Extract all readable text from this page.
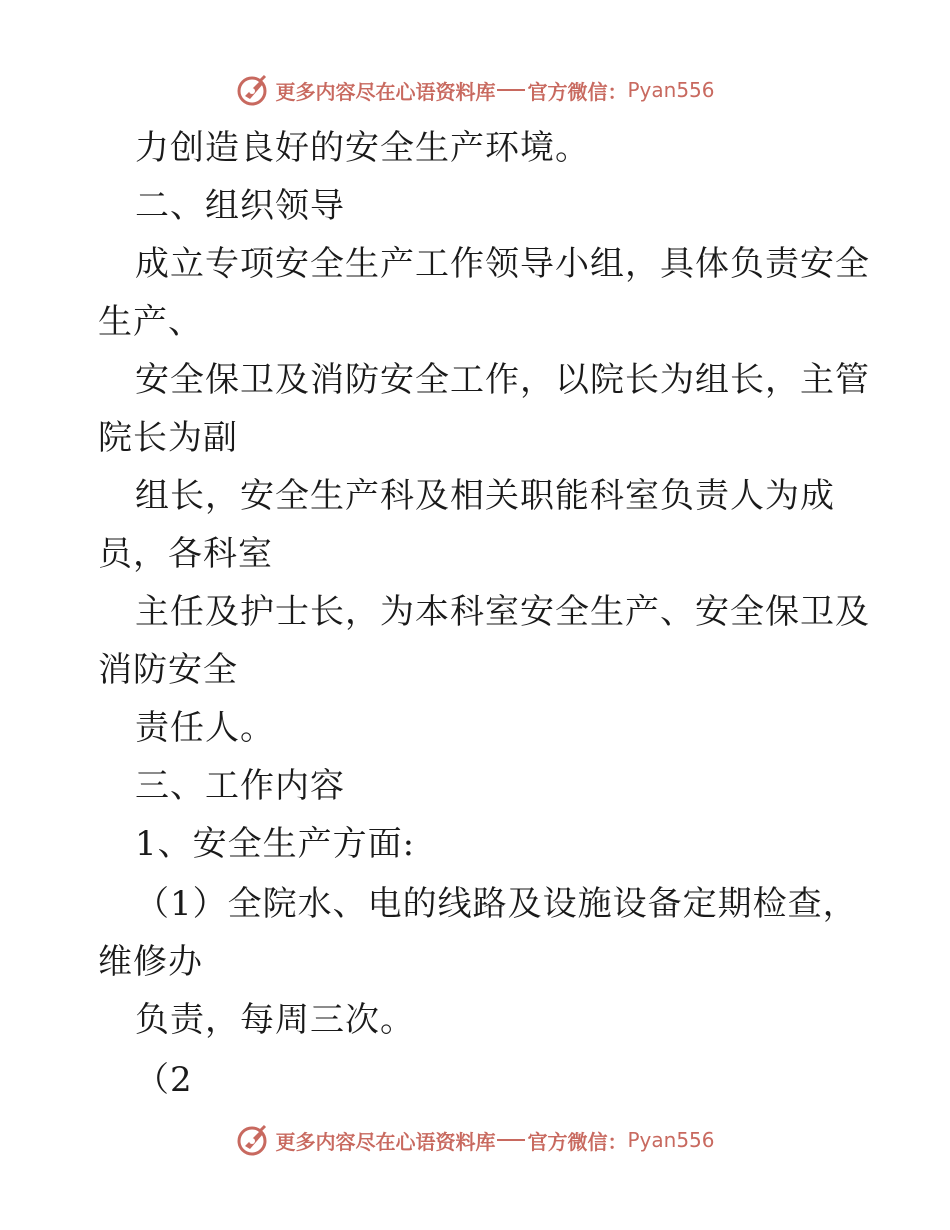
更多内容尽在心语资料库 官方微信： Pyan556
力创造良好的安全生产环境。
二、组织领导
成立专项安全生产工作领导小组，具体负责安全
生产、
安全保卫及消防安全工作，以院长为组长，主管
院长为副
组长，安全生产科及相关职能科室负责人为成
员，各科室
主任及护士长，为本科室安全生产、安全保卫及
消防安全
责任人。
三、工作内容
1、安全生产方面:
（1）全院水、电的线路及设施设备定期检查，
维修办
负责，每周三次。
（2
更多内容尽在心语资料库 官方微信： Pyan556
